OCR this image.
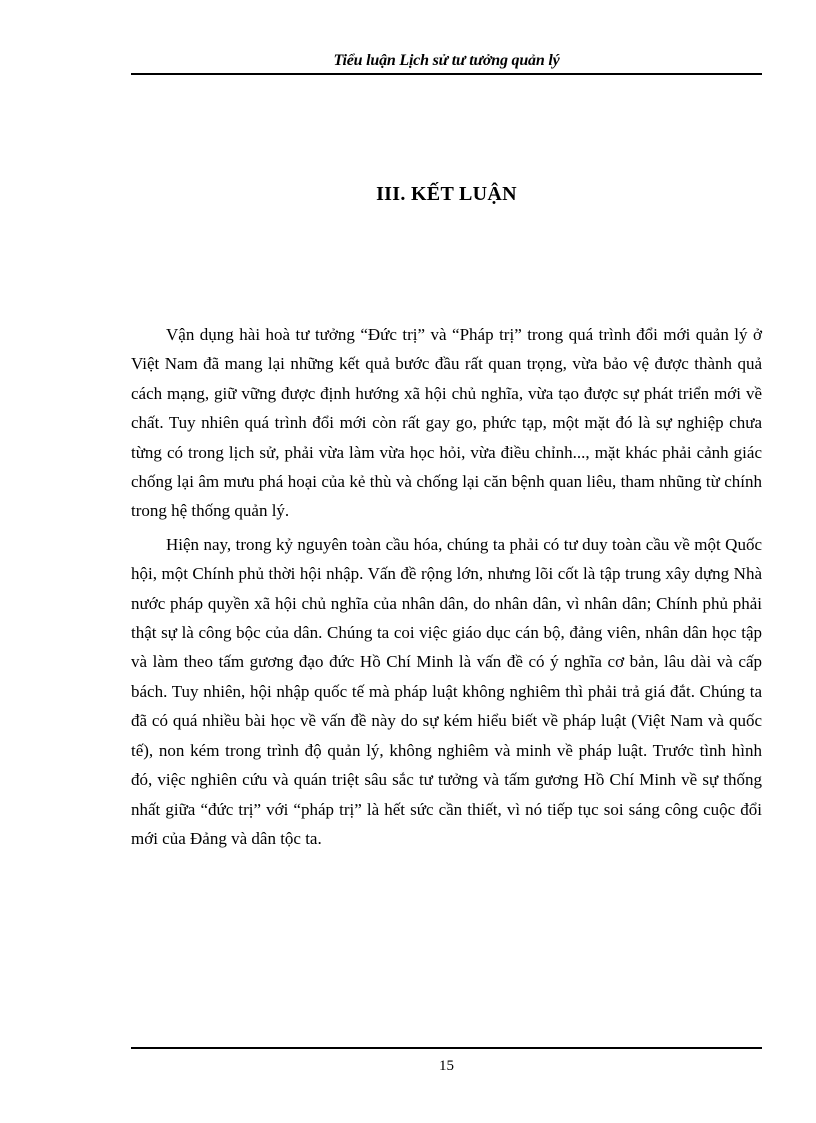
Tiểu luận Lịch sử tư tưởng quản lý
III. KẾT LUẬN

Vận dụng hài hoà tư tưởng “Đức trị” và “Pháp trị” trong quá trình đổi mới quản lý ở Việt Nam đã mang lại những kết quả bước đầu rất quan trọng, vừa bảo vệ được thành quả cách mạng, giữ vững được định hướng xã hội chủ nghĩa, vừa tạo được sự phát triển mới về chất. Tuy nhiên quá trình đổi mới còn rất gay go, phức tạp, một mặt đó là sự nghiệp chưa từng có trong lịch sử, phải vừa làm vừa học hỏi, vừa điều chỉnh..., mặt khác phải cảnh giác chống lại âm mưu phá hoại của kẻ thù và chống lại căn bệnh quan liêu, tham nhũng từ chính trong hệ thống quản lý.

Hiện nay, trong kỷ nguyên toàn cầu hóa, chúng ta phải có tư duy toàn cầu về một Quốc hội, một Chính phủ thời hội nhập. Vấn đề rộng lớn, nhưng lõi cốt là tập trung xây dựng Nhà nước pháp quyền xã hội chủ nghĩa của nhân dân, do nhân dân, vì nhân dân; Chính phủ phải thật sự là công bộc của dân. Chúng ta coi việc giáo dục cán bộ, đảng viên, nhân dân học tập và làm theo tấm gương đạo đức Hồ Chí Minh là vấn đề có ý nghĩa cơ bản, lâu dài và cấp bách. Tuy nhiên, hội nhập quốc tế mà pháp luật không nghiêm thì phải trả giá đắt. Chúng ta đã có quá nhiều bài học về vấn đề này do sự kém hiểu biết về pháp luật (Việt Nam và quốc tế), non kém trong trình độ quản lý, không nghiêm và minh về pháp luật. Trước tình hình đó, việc nghiên cứu và quán triệt sâu sắc tư tưởng và tấm gương Hồ Chí Minh về sự thống nhất giữa “đức trị” với “pháp trị” là hết sức cần thiết, vì nó tiếp tục soi sáng công cuộc đổi mới của Đảng và dân tộc ta.

15
